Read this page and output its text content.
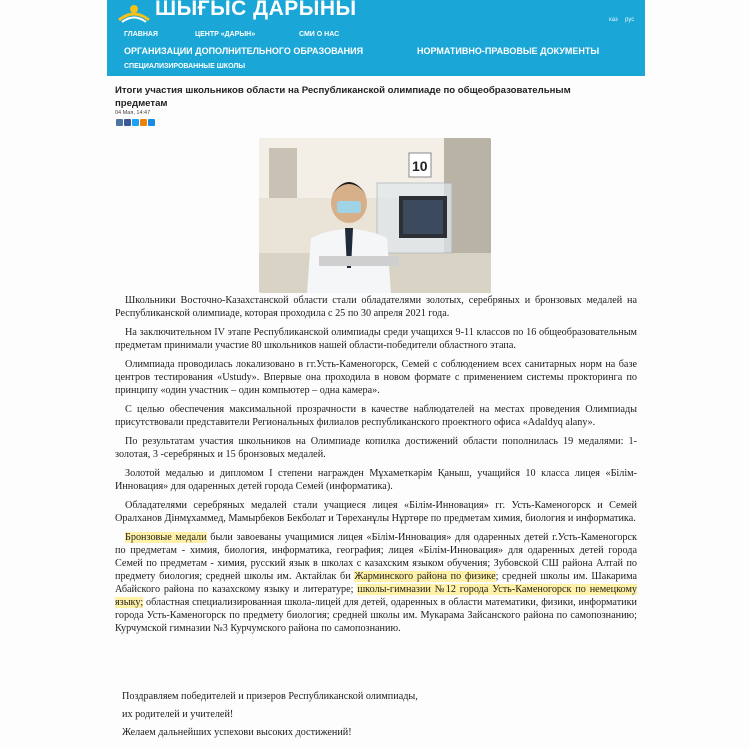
ШЫҒЫС ДАРЫНЫ	каз рус
ГЛАВНАЯ	ЦЕНТР «ДАРЫН»	СМИ О НАС
ОРГАНИЗАЦИИ ДОПОЛНИТЕЛЬНОГО ОБРАЗОВАНИЯ	НОРМАТИВНО-ПРАВОВЫЕ ДОКУМЕНТЫ
СПЕЦИАЛИЗИРОВАННЫЕ ШКОЛЫ
Итоги участия школьников области на Республиканской олимпиаде по общеобразовательным предметам
04 Мая, 14:47
10

Школьники Восточно-Казахстанской области стали обладателями золотых, серебряных и бронзовых медалей на Республиканской олимпиаде, которая проходила с 25 по 30 апреля 2021 года.

На заключительном IV этапе Республиканской олимпиады среди учащихся 9-11 классов по 16 общеобразовательным предметам принимали участие 80 школьников нашей области-победители областного этапа.

Олимпиада проводилась локализовано в гг.Усть-Каменогорск, Семей с соблюдением всех санитарных норм на базе центров тестирования «Ustudy». Впервые она проходила в новом формате с применением системы прокторинга по принципу «один участник – один компьютер – одна камера».

С целью обеспечения максимальной прозрачности в качестве наблюдателей на местах проведения Олимпиады присутствовали представители Региональных филиалов республиканского проектного офиса «Adaldyq alany».

По результатам участия школьников на Олимпиаде копилка достижений области пополнилась 19 медалями: 1- золотая, 3 -серебряных и 15 бронзовых медалей.

Золотой медалью и дипломом I степени награжден Мұхаметкәрім Қаныш, учащийся 10 класса лицея «Білім-Инновация» для одаренных детей города Семей (информатика).

Обладателями серебряных медалей стали учащиеся лицея «Білім-Инновация» гг. Усть-Каменогорск и Семей Оралханов Дінмұхаммед, Мамырбеков Бекболат и Төреханұлы Нұртөре по предметам химия, биология и информатика.

Бронзовые медали были завоеваны учащимися лицея «Білім-Инновация» для одаренных детей г.Усть-Каменогорск по предметам - химия, биология, информатика, география; лицея «Білім-Инновация» для одаренных детей города Семей по предметам - химия, русский язык в школах с казахским языком обучения; Зубовской СШ района Алтай по предмету биология; средней школы им. Актайлак би Жарминского района по физике; средней школы им. Шакарима Абайского района по казахскому языку и литературе; школы-гимназии №12 города Усть-Каменогорск по немецкому языку; областная специализированная школа-лицей для детей, одаренных в области математики, физики, информатики города Усть-Каменогорск по предмету биология; средней школы им. Мукарама Зайсанского района по самопознанию; Курчумской гимназии №3 Курчумского района по самопознанию.

Поздравляем победителей и призеров Республиканской олимпиады,
их родителей и учителей!
Желаем дальнейших успехови высоких достижений!
